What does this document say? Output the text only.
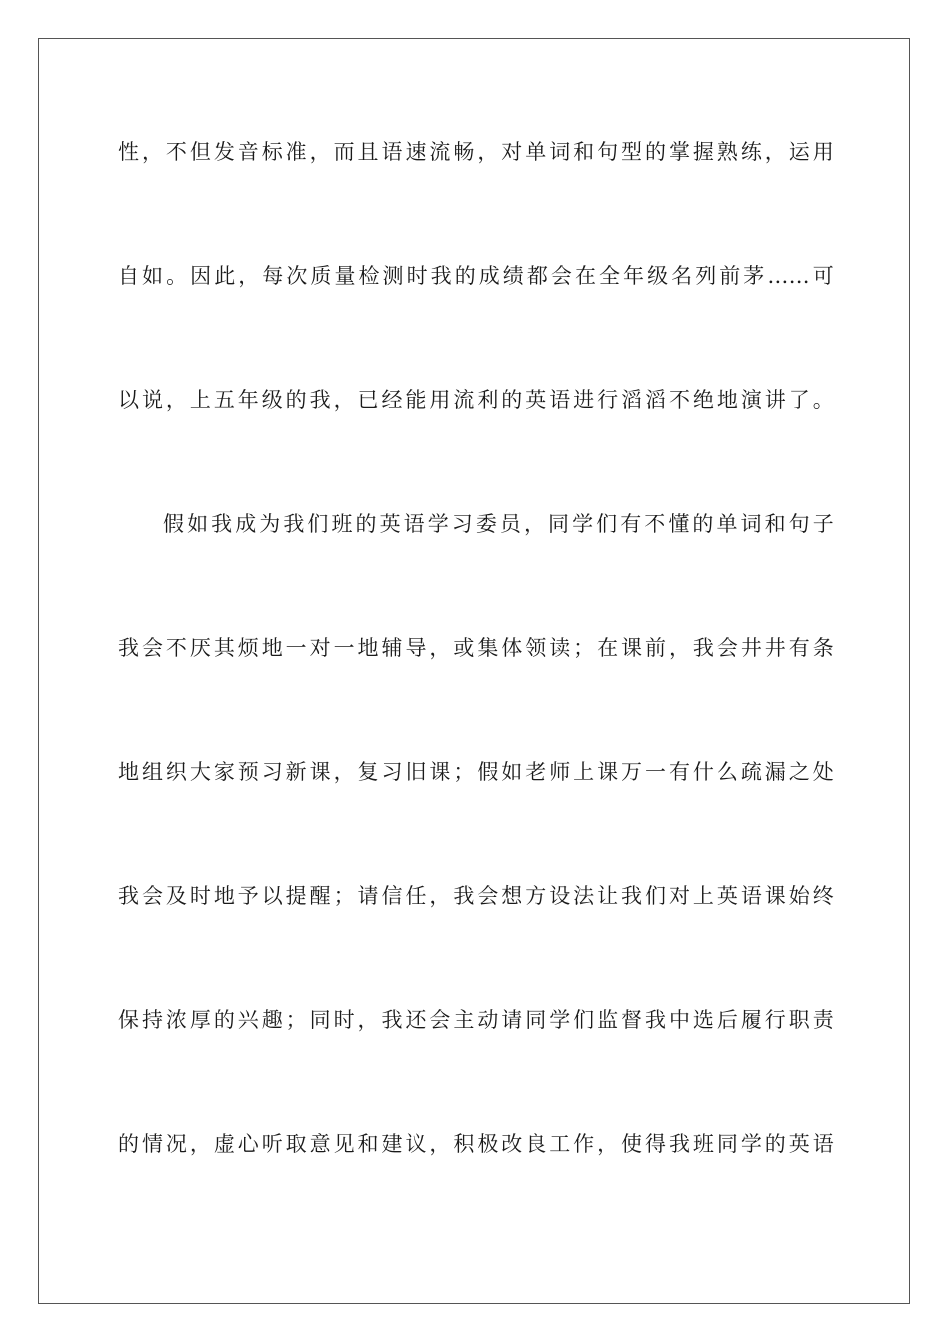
性，不但发音标准，而且语速流畅，对单词和句型的掌握熟练，运用
自如。因此，每次质量检测时我的成绩都会在全年级名列前茅……可
以说，上五年级的我，已经能用流利的英语进行滔滔不绝地演讲了。
假如我成为我们班的英语学习委员，同学们有不懂的单词和句子
我会不厌其烦地一对一地辅导，或集体领读；在课前，我会井井有条
地组织大家预习新课，复习旧课；假如老师上课万一有什么疏漏之处
我会及时地予以提醒；请信任，我会想方设法让我们对上英语课始终
保持浓厚的兴趣；同时，我还会主动请同学们监督我中选后履行职责
的情况，虚心听取意见和建议，积极改良工作，使得我班同学的英语
